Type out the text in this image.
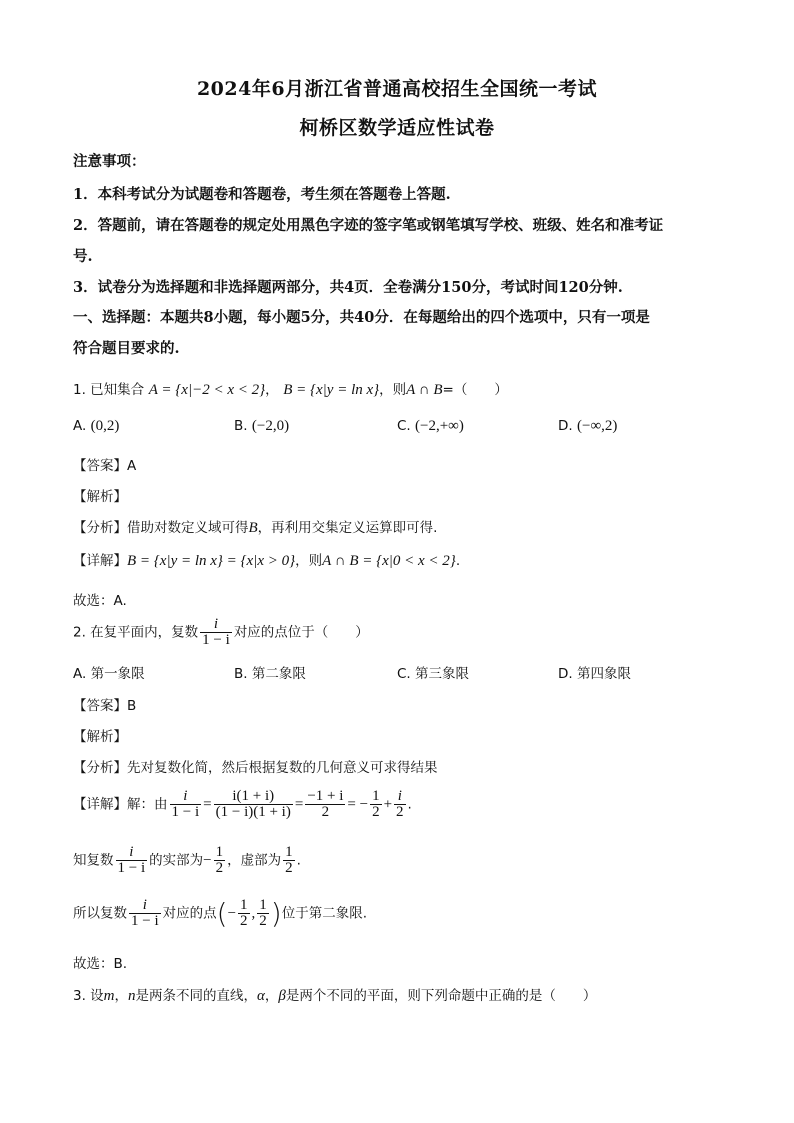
2024年6月浙江省普通高校招生全国统一考试
柯桥区数学适应性试卷
注意事项：
1．本科考试分为试题卷和答题卷，考生须在答题卷上答题.
2．答题前，请在答题卷的规定处用黑色字迹的签字笔或钢笔填写学校、班级、姓名和准考证
号.
3．试卷分为选择题和非选择题两部分，共4页．全卷满分150分，考试时间120分钟.
一、选择题：本题共8小题，每小题5分，共40分．在每题给出的四个选项中，只有一项是
符合题目要求的.
1. 已知集合 A = {x|−2 < x < 2}， B = {x|y = ln x}，则A ∩ B=（　　）
A. (0,2)	B. (−2,0)	C. (−2,+∞)	D. (−∞,2)
【答案】A
【解析】
【分析】借助对数定义域可得B，再利用交集定义运算即可得.
【详解】B = {x|y = ln x} = {x|x > 0}，则A ∩ B = {x|0 < x < 2}.
故选：A.
2. 在复平面内，复数 $\frac{i}{1 - i}$ 对应的点位于（　　）
A. 第一象限	B. 第二象限	C. 第三象限	D. 第四象限
【答案】B
【解析】
【分析】先对复数化简，然后根据复数的几何意义可求得结果
【详解】解：由 $\frac{i}{1 - i} = \frac{i(1 + i)}{(1 - i)(1 + i)} = \frac{-1 + i}{2}$ = − $\frac{1}{2} + \frac{i}{2}$ .
知复数 $\frac{i}{1 - i}$ 的实部为− $\frac{1}{2}$ ，虚部为 $\frac{1}{2}$ .
所以复数 $\frac{i}{1 - i}$ 对应的点(− $\frac{1}{2}$ , $\frac{1}{2}$ )位于第二象限.
故选：B.
3. 设m，n是两条不同的直线，α，β是两个不同的平面，则下列命题中正确的是（　　）
